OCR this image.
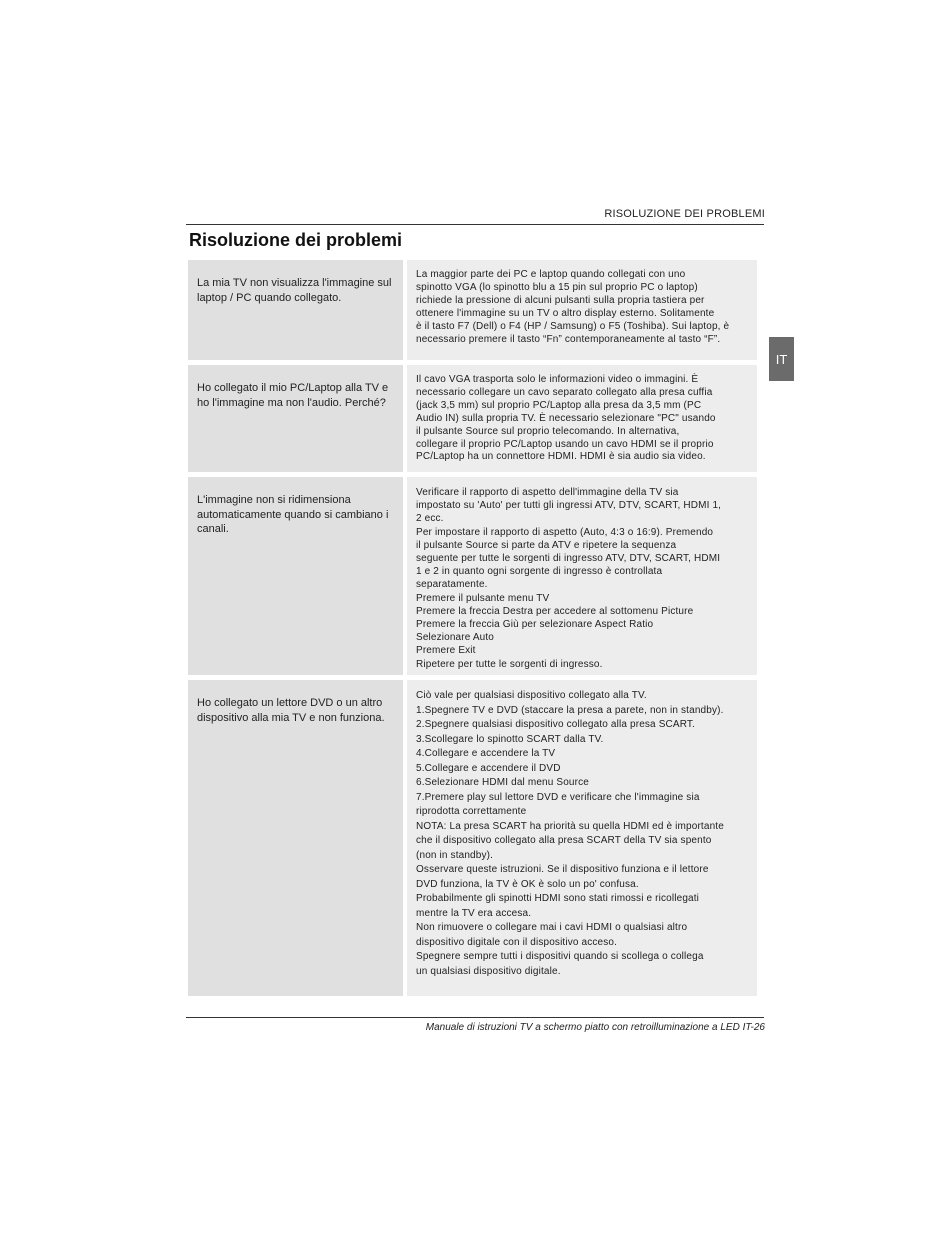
RISOLUZIONE DEI PROBLEMI
Risoluzione dei problemi
IT
La mia TV non visualizza l'immagine sul laptop / PC quando collegato.
La maggior parte dei PC e laptop quando collegati con uno
spinotto VGA (lo spinotto blu a 15 pin sul proprio PC o laptop)
richiede la pressione di alcuni pulsanti sulla propria tastiera per
ottenere l'immagine su un TV o altro display esterno. Solitamente
è il tasto F7 (Dell) o F4 (HP / Samsung) o F5 (Toshiba). Sui laptop, è
necessario premere il tasto “Fn” contemporaneamente al tasto “F”.
Ho collegato il mio PC/Laptop alla TV e ho l'immagine ma non l'audio. Perché?
Il cavo VGA trasporta solo le informazioni video o immagini. È
necessario collegare un cavo separato collegato alla presa cuffia
(jack 3,5 mm) sul proprio PC/Laptop alla presa da 3,5 mm (PC
Audio IN) sulla propria TV. È necessario selezionare "PC" usando
il pulsante Source sul proprio telecomando. In alternativa,
collegare il proprio PC/Laptop usando un cavo HDMI se il proprio
PC/Laptop ha un connettore HDMI. HDMI è sia audio sia video.
L'immagine non si ridimensiona automaticamente quando si cambiano i canali.
Verificare il rapporto di aspetto dell'immagine della TV sia
impostato su 'Auto' per tutti gli ingressi ATV, DTV, SCART, HDMI 1,
2 ecc.
Per impostare il rapporto di aspetto (Auto, 4:3 o 16:9). Premendo
il pulsante Source si parte da ATV e ripetere la sequenza
seguente per tutte le sorgenti di ingresso ATV, DTV, SCART, HDMI
1 e 2 in quanto ogni sorgente di ingresso è controllata
separatamente.
Premere il pulsante menu TV
Premere la freccia Destra per accedere al sottomenu Picture
Premere la freccia Giù per selezionare Aspect Ratio
Selezionare Auto
Premere Exit
Ripetere per tutte le sorgenti di ingresso.
Ho collegato un lettore DVD o un altro dispositivo alla mia TV e non funziona.
Ciò vale per qualsiasi dispositivo collegato alla TV.
1.Spegnere TV e DVD (staccare la presa a parete, non in standby).
2.Spegnere qualsiasi dispositivo collegato alla presa SCART.
3.Scollegare lo spinotto SCART dalla TV.
4.Collegare e accendere la TV
5.Collegare e accendere il DVD
6.Selezionare HDMI dal menu Source
7.Premere play sul lettore DVD e verificare che l'immagine sia
riprodotta correttamente
NOTA: La presa SCART ha priorità su quella HDMI ed è importante
che il dispositivo collegato alla presa SCART della TV sia spento
(non in standby).
Osservare queste istruzioni. Se il dispositivo funziona e il lettore
DVD funziona, la TV è OK è solo un po' confusa.
Probabilmente gli spinotti HDMI sono stati rimossi e ricollegati
mentre la TV era accesa.
Non rimuovere o collegare mai i cavi HDMI o qualsiasi altro
dispositivo digitale con il dispositivo acceso.
Spegnere sempre tutti i dispositivi quando si scollega o collega
un qualsiasi dispositivo digitale.
Manuale di istruzioni TV a schermo piatto con retroilluminazione a LED IT-26
